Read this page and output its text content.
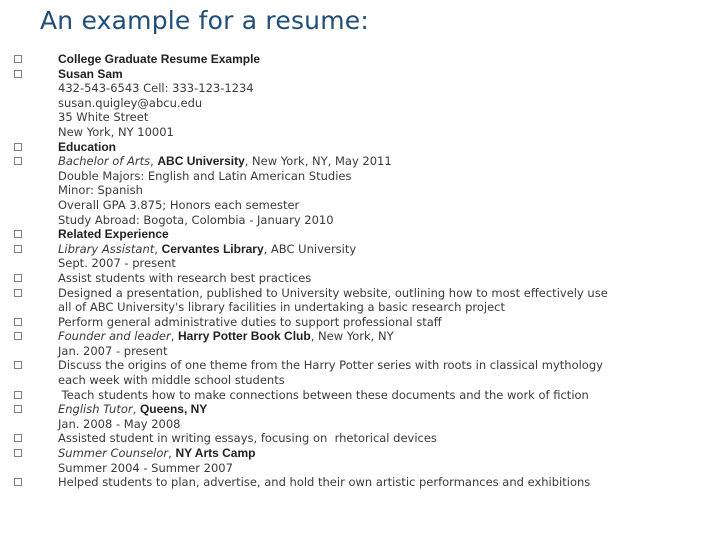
An example for a resume:
College Graduate Resume Example
Susan Sam
432-543-6543 Cell: 333-123-1234
susan.quigley@abcu.edu
35 White Street
New York, NY 10001
Education
Bachelor of Arts, ABC University, New York, NY, May 2011
Double Majors: English and Latin American Studies
Minor: Spanish
Overall GPA 3.875; Honors each semester
Study Abroad: Bogota, Colombia - January 2010
Related Experience
Library Assistant, Cervantes Library, ABC University
Sept. 2007 - present
Assist students with research best practices
Designed a presentation, published to University website, outlining how to most effectively use
all of ABC University's library facilities in undertaking a basic research project
Perform general administrative duties to support professional staff
Founder and leader, Harry Potter Book Club, New York, NY
Jan. 2007 - present
Discuss the origins of one theme from the Harry Potter series with roots in classical mythology
each week with middle school students
Teach students how to make connections between these documents and the work of fiction
English Tutor, Queens, NY
Jan. 2008 - May 2008
Assisted student in writing essays, focusing on  rhetorical devices
Summer Counselor, NY Arts Camp
Summer 2004 - Summer 2007
Helped students to plan, advertise, and hold their own artistic performances and exhibitions
